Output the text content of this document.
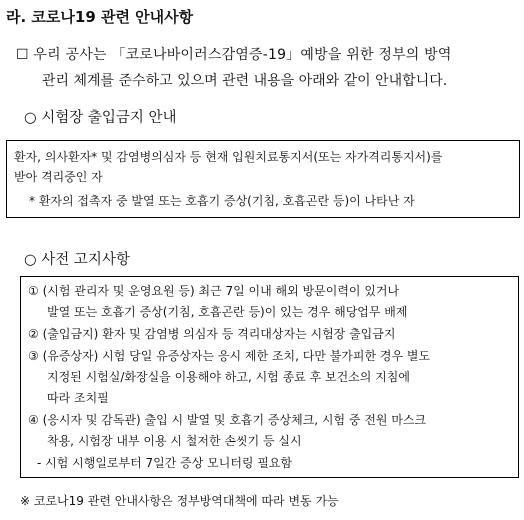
라. 코로나19 관련 안내사항
☐ 우리 공사는 「코로나바이러스감염증-19」예방을 위한 정부의 방역
관리 체계를 준수하고 있으며 관련 내용을 아래와 같이 안내합니다.
○ 시험장 출입금지 안내
환자, 의사환자* 및 감염병의심자 등 현재 입원치료통지서(또는 자가격리통지서)를
받아 격리중인 자
* 환자의 접촉자 중 발열 또는 호흡기 증상(기침, 호흡곤란 등)이 나타난 자
○ 사전 고지사항
① (시험 관리자 및 운영요원 등) 최근 7일 이내 해외 방문이력이 있거나
발열 또는 호흡기 증상(기침, 호흡곤란 등)이 있는 경우 해당업무 배제
② (출입금지) 환자 및 감염병 의심자 등 격리대상자는 시험장 출입금지
③ (유증상자) 시험 당일 유증상자는 응시 제한 조치, 다만 불가피한 경우 별도
지정된 시험실/화장실을 이용해야 하고, 시험 종료 후 보건소의 지침에
따라 조치필
④ (응시자 및 감독관) 출입 시 발열 및 호흡기 증상체크, 시험 중 전원 마스크
착용, 시험장 내부 이용 시 철저한 손씻기 등 실시
- 시험 시행일로부터 7일간 증상 모니터링 필요함
※ 코로나19 관련 안내사항은 정부방역대책에 따라 변동 가능
